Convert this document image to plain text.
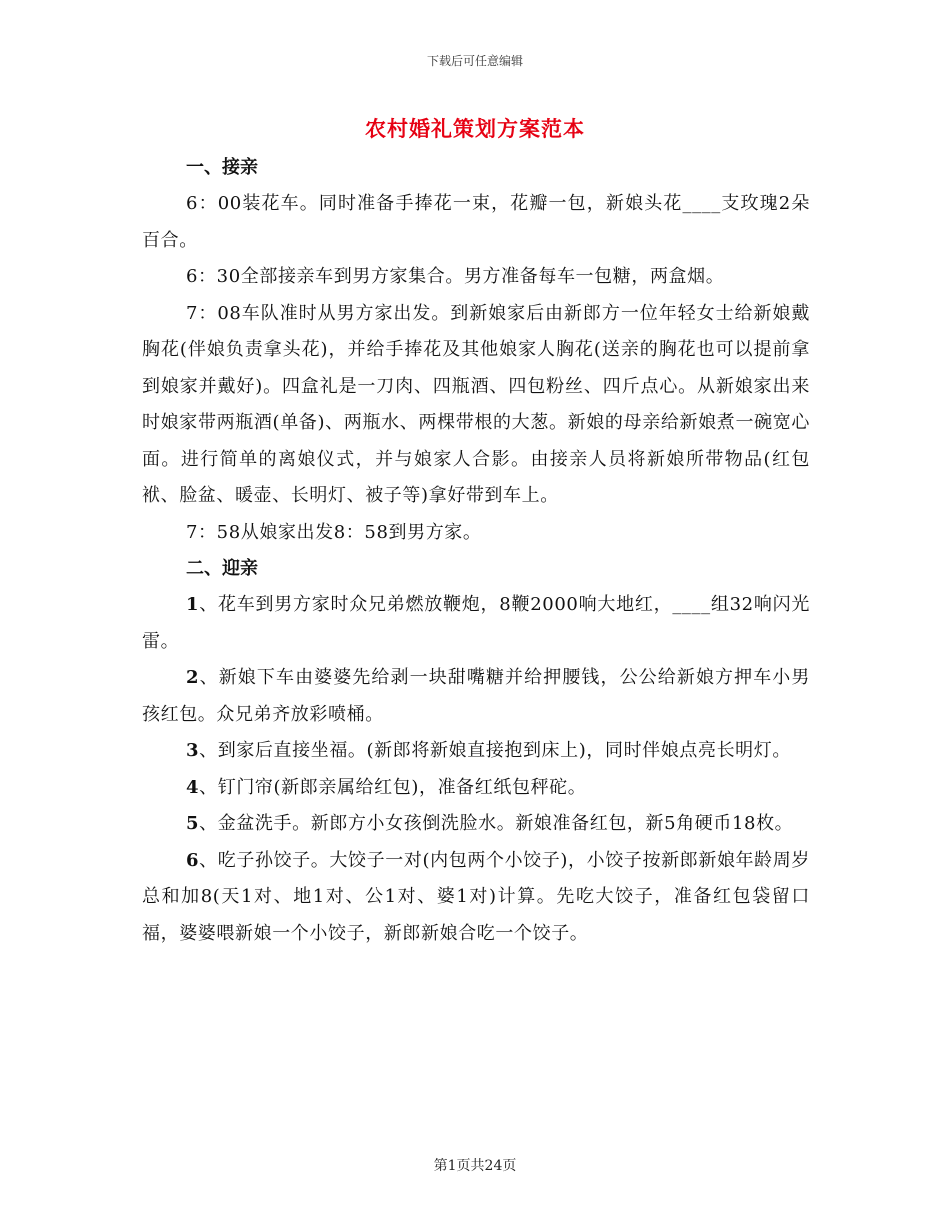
下载后可任意编辑
农村婚礼策划方案范本

一、接亲

6：00装花车。同时准备手捧花一束，花瓣一包，新娘头花____支玫瑰2朵百合。

6：30全部接亲车到男方家集合。男方准备每车一包糖，两盒烟。

7：08车队准时从男方家出发。到新娘家后由新郎方一位年轻女士给新娘戴胸花(伴娘负责拿头花)，并给手捧花及其他娘家人胸花(送亲的胸花也可以提前拿到娘家并戴好)。四盒礼是一刀肉、四瓶酒、四包粉丝、四斤点心。从新娘家出来时娘家带两瓶酒(单备)、两瓶水、两棵带根的大葱。新娘的母亲给新娘煮一碗宽心面。进行简单的离娘仪式，并与娘家人合影。由接亲人员将新娘所带物品(红包袱、脸盆、暖壶、长明灯、被子等)拿好带到车上。

7：58从娘家出发8：58到男方家。

二、迎亲

1、花车到男方家时众兄弟燃放鞭炮，8鞭2000响大地红，____组32响闪光雷。

2、新娘下车由婆婆先给剥一块甜嘴糖并给押腰钱，公公给新娘方押车小男孩红包。众兄弟齐放彩喷桶。

3、到家后直接坐福。(新郎将新娘直接抱到床上)，同时伴娘点亮长明灯。

4、钉门帘(新郎亲属给红包)，准备红纸包秤砣。

5、金盆洗手。新郎方小女孩倒洗脸水。新娘准备红包，新5角硬币18枚。

6、吃子孙饺子。大饺子一对(内包两个小饺子)，小饺子按新郎新娘年龄周岁总和加8(天1对、地1对、公1对、婆1对)计算。先吃大饺子，准备红包袋留口福，婆婆喂新娘一个小饺子，新郎新娘合吃一个饺子。

第1页共24页
